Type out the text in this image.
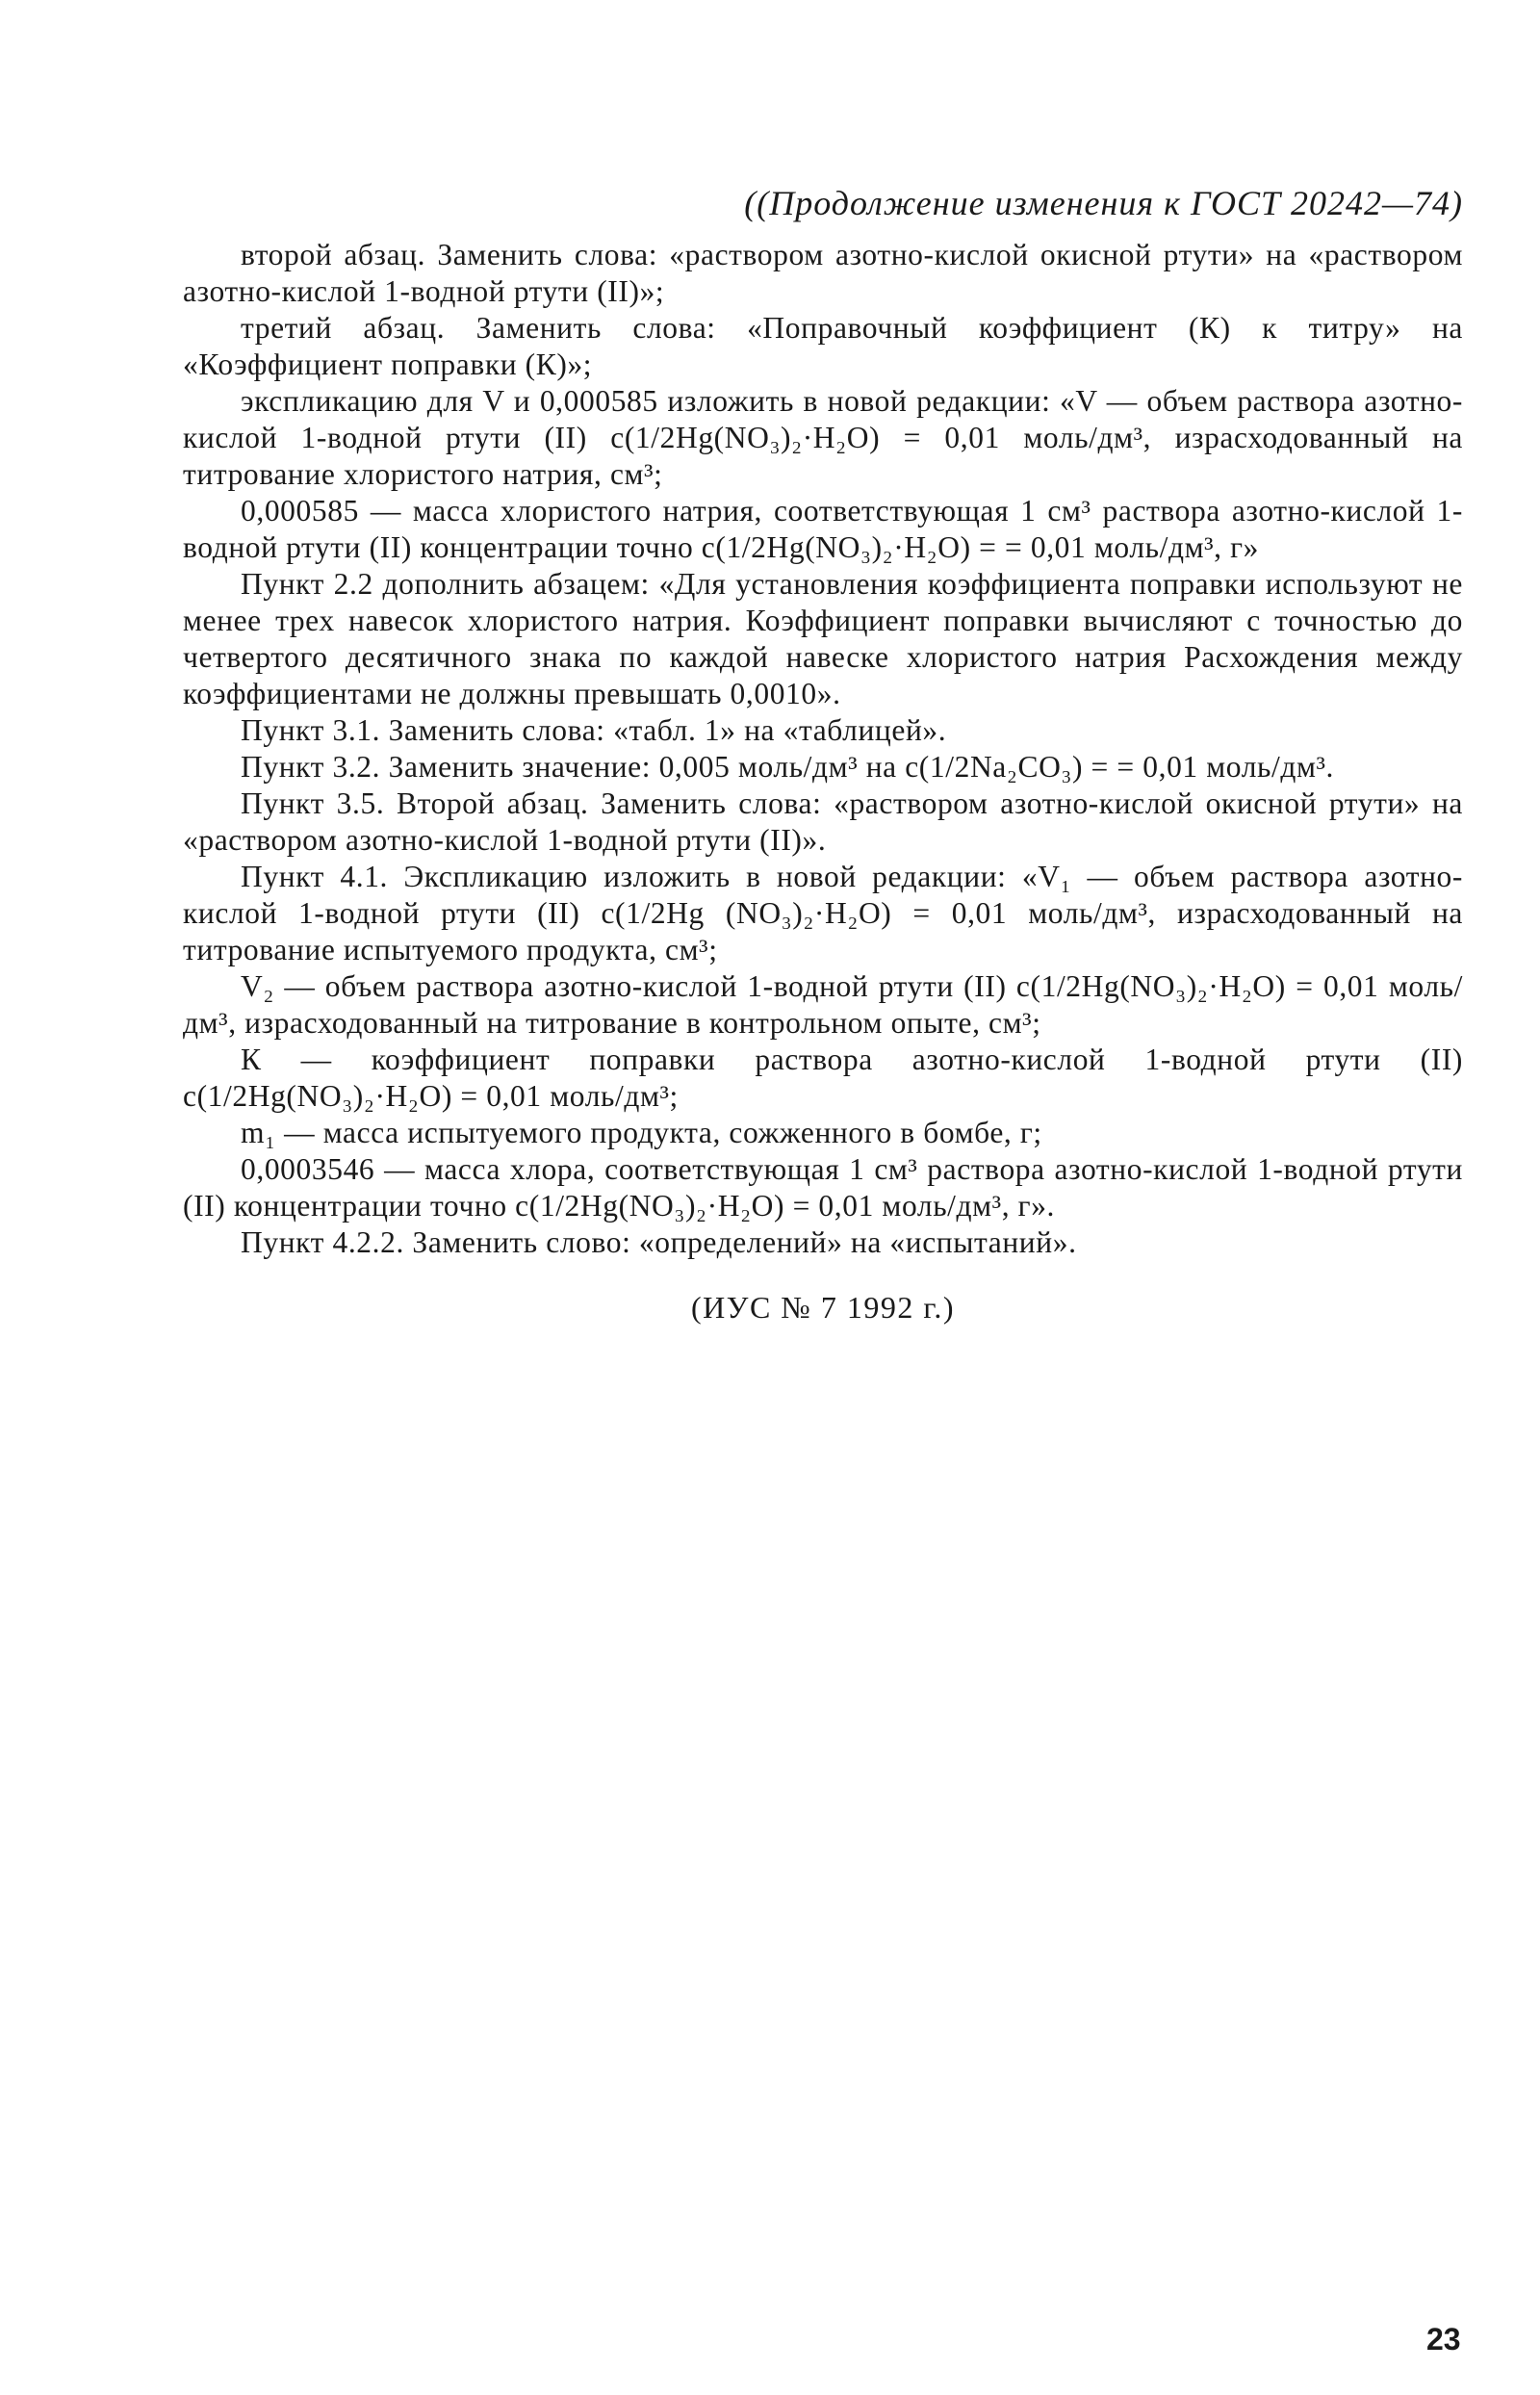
((Продолжение изменения к ГОСТ 20242—74)

второй абзац. Заменить слова: «раствором азотно-кислой окисной ртути» на «раствором азотно-кислой 1-водной ртути (II)»;

третий абзац. Заменить слова: «Поправочный коэффициент (К) к титру» на «Коэффициент поправки (К)»;

экспликацию для V и 0,000585 изложить в новой редакции: «V — объем раствора азотно-кислой 1-водной ртути (II) c(1/2Hg(NO₃)₂·H₂O) = 0,01 моль/дм³, израсходованный на титрование хлористого натрия, см³;

0,000585 — масса хлористого натрия, соответствующая 1 см³ раствора азотно-кислой 1-водной ртути (II) концентрации точно c(1/2Hg(NO₃)₂·H₂O) = = 0,01 моль/дм³, г»

Пункт 2.2 дополнить абзацем: «Для установления коэффициента поправки используют не менее трех навесок хлористого натрия. Коэффициент поправки вычисляют с точностью до четвертого десятичного знака по каждой навеске хлористого натрия Расхождения между коэффициентами не должны превышать 0,0010».

Пункт 3.1. Заменить слова: «табл. 1» на «таблицей».

Пункт 3.2. Заменить значение: 0,005 моль/дм³ на c(1/2Na₂CO₃) = = 0,01 моль/дм³.

Пункт 3.5. Второй абзац. Заменить слова: «раствором азотно-кислой окисной ртути» на «раствором азотно-кислой 1-водной ртути (II)».

Пункт 4.1. Экспликацию изложить в новой редакции: «V₁ — объем раствора азотно-кислой 1-водной ртути (II) c(1/2Hg (NO₃)₂·H₂O) = 0,01 моль/дм³, израсходованный на титрование испытуемого продукта, см³;

V₂ — объем раствора азотно-кислой 1-водной ртути (II) c(1/2Hg(NO₃)₂·H₂O) = 0,01 моль/дм³, израсходованный на титрование в контрольном опыте, см³;

К — коэффициент поправки раствора азотно-кислой 1-водной ртути (II) c(1/2Hg(NO₃)₂·H₂O) = 0,01 моль/дм³;

m₁ — масса испытуемого продукта, сожженного в бомбе, г;

0,0003546 — масса хлора, соответствующая 1 см³ раствора азотно-кислой 1-водной ртути (II) концентрации точно c(1/2Hg(NO₃)₂·H₂O) = 0,01 моль/дм³, г».

Пункт 4.2.2. Заменить слово: «определений» на «испытаний».

(ИУС № 7 1992 г.)

23
